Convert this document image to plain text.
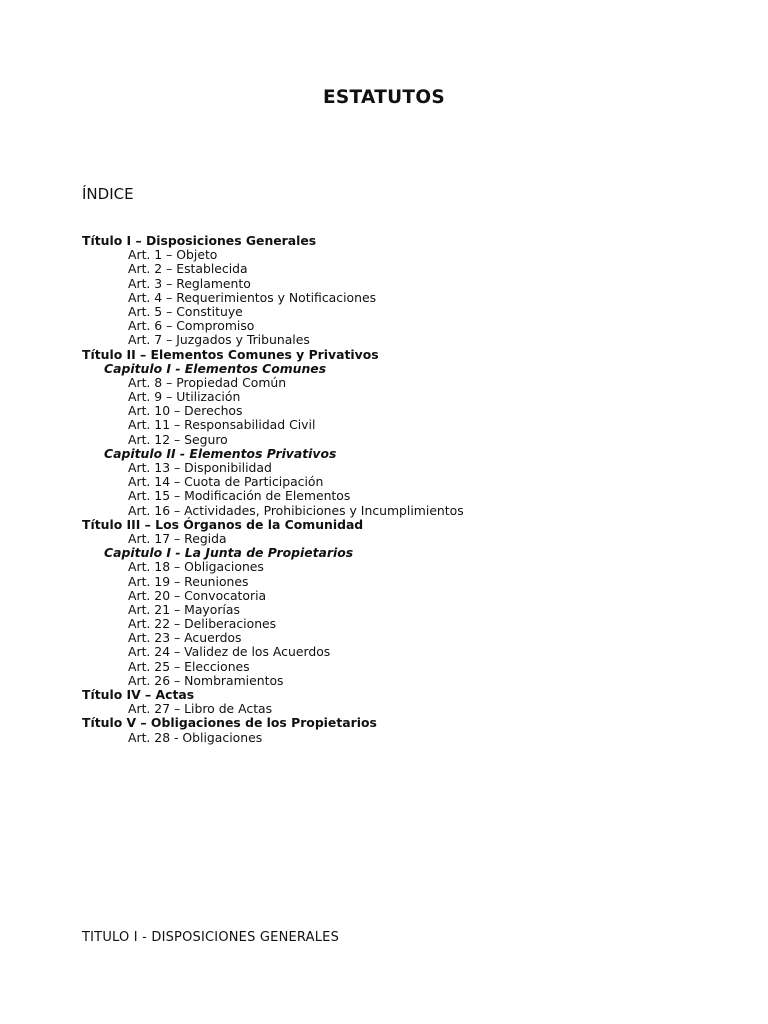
ESTATUTOS
ÍNDICE
Título I – Disposiciones Generales
Art. 1 – Objeto
Art. 2 – Establecida
Art. 3 – Reglamento
Art. 4 – Requerimientos y Notificaciones
Art. 5 – Constituye
Art. 6 – Compromiso
Art. 7 – Juzgados y Tribunales
Título II – Elementos Comunes y Privativos
Capitulo I - Elementos Comunes
Art. 8 – Propiedad Común
Art. 9 – Utilización
Art. 10 – Derechos
Art. 11 – Responsabilidad Civil
Art. 12 – Seguro
Capitulo II - Elementos Privativos
Art. 13 – Disponibilidad
Art. 14 – Cuota de Participación
Art. 15 – Modificación de Elementos
Art. 16 – Actividades, Prohibiciones y Incumplimientos
Título III – Los Órganos de la Comunidad
Art. 17 – Regida
Capitulo I - La Junta de Propietarios
Art. 18 – Obligaciones
Art. 19 – Reuniones
Art. 20 – Convocatoria
Art. 21 – Mayorías
Art. 22 – Deliberaciones
Art. 23 – Acuerdos
Art. 24 – Validez de los Acuerdos
Art. 25 – Elecciones
Art. 26 – Nombramientos
Título IV – Actas
Art. 27 – Libro de Actas
Título V – Obligaciones de los Propietarios
Art. 28 - Obligaciones
TITULO I - DISPOSICIONES GENERALES
